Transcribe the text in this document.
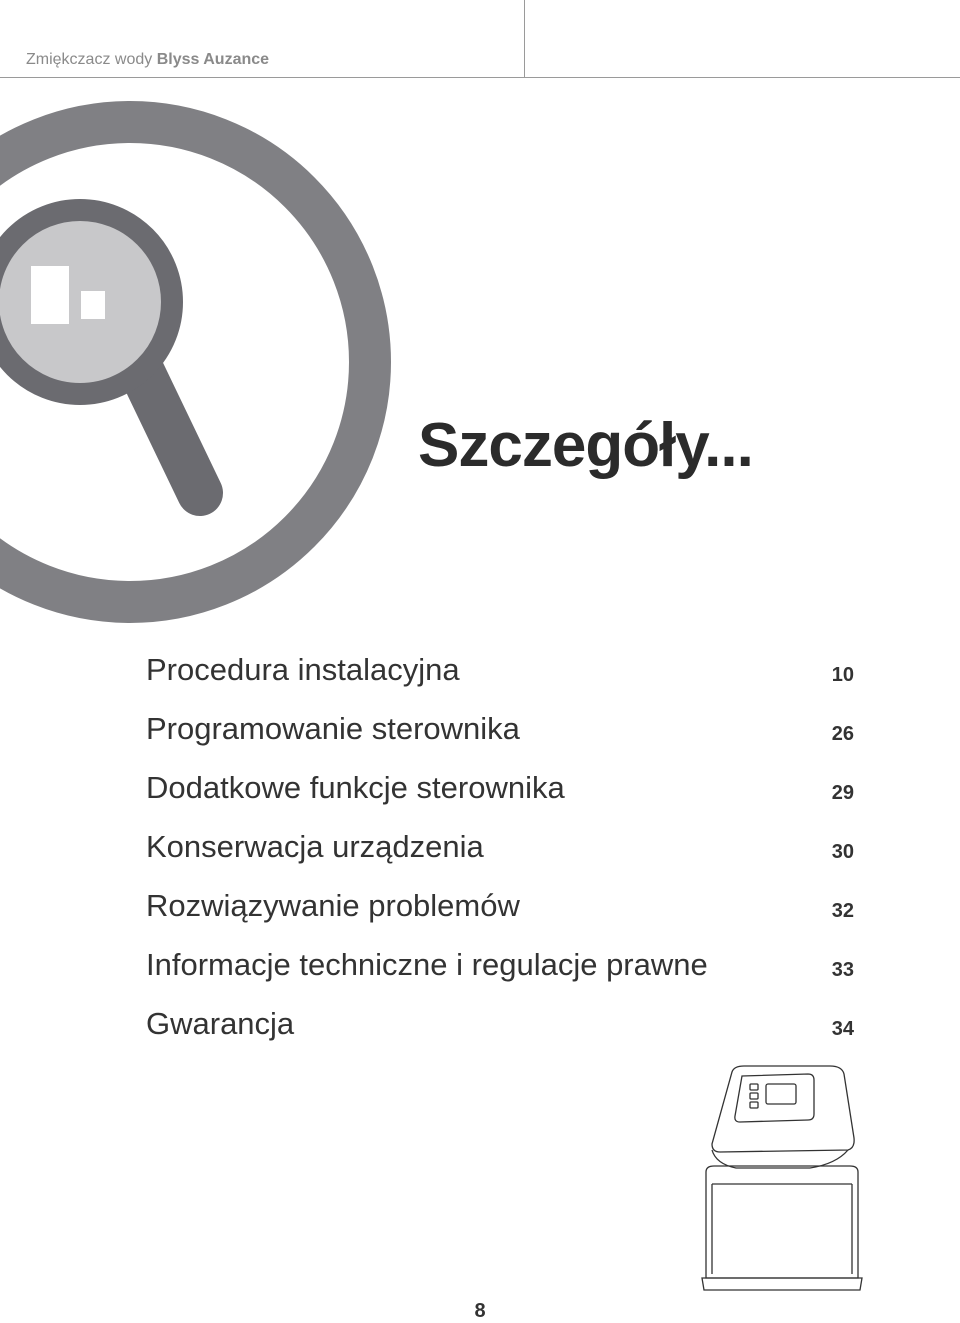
Zmiękczacz wody Blyss Auzance
Szczegóły...
Procedura instalacyjna	10
Programowanie sterownika	26
Dodatkowe funkcje sterownika	29
Konserwacja urządzenia	30
Rozwiązywanie problemów	32
Informacje techniczne i regulacje prawne	33
Gwarancja	34
8
